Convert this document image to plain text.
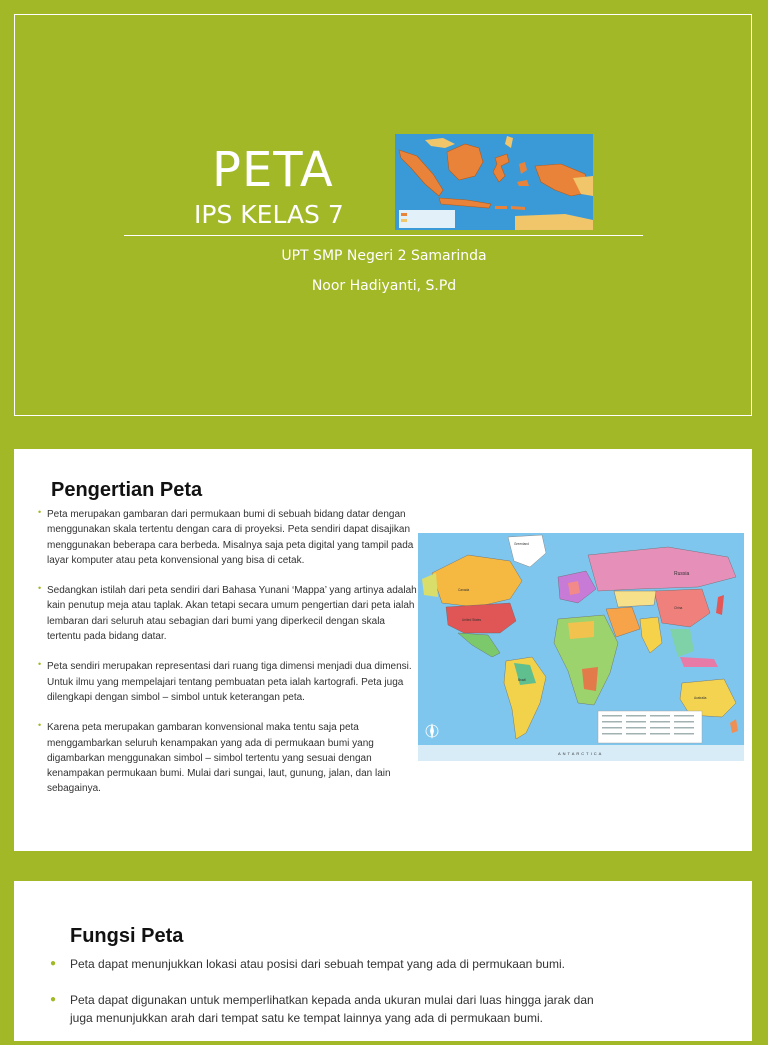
PETA
IPS KELAS 7
UPT SMP Negeri 2 Samarinda
Noor Hadiyanti, S.Pd
Pengertian Peta
• Peta merupakan gambaran dari permukaan bumi di sebuah bidang datar dengan menggunakan skala tertentu dengan cara di proyeksi. Peta sendiri dapat disajikan menggunakan beberapa cara berbeda. Misalnya saja peta digital yang tampil pada layar komputer atau peta konvensional yang bisa di cetak.
• Sedangkan istilah dari peta sendiri dari Bahasa Yunani ‘Mappa’ yang artinya adalah kain penutup meja atau taplak. Akan tetapi secara umum pengertian dari peta ialah lembaran dari seluruh atau sebagian dari bumi yang diperkecil dengan skala tertentu pada bidang datar.
• Peta sendiri merupakan representasi dari ruang tiga dimensi menjadi dua dimensi. Untuk ilmu yang mempelajari tentang pembuatan peta ialah kartografi. Peta juga dilengkapi dengan simbol – simbol untuk keterangan peta.
• Karena peta merupakan gambaran konvensional maka tentu saja peta menggambarkan seluruh kenampakan yang ada di permukaan bumi yang digambarkan menggunakan simbol – simbol tertentu yang sesuai dengan kenampakan permukaan bumi. Mulai dari sungai, laut, gunung, jalan, dan lain sebagainya.
Greenland
Russia
Canada
United States
China
Australia
Brazil
ANTARCTICA
Fungsi Peta
● Peta dapat menunjukkan lokasi atau posisi dari sebuah tempat yang ada di permukaan bumi.
● Peta dapat digunakan untuk memperlihatkan kepada anda ukuran mulai dari luas hingga jarak dan juga menunjukkan arah dari tempat satu ke tempat lainnya yang ada di permukaan bumi.
